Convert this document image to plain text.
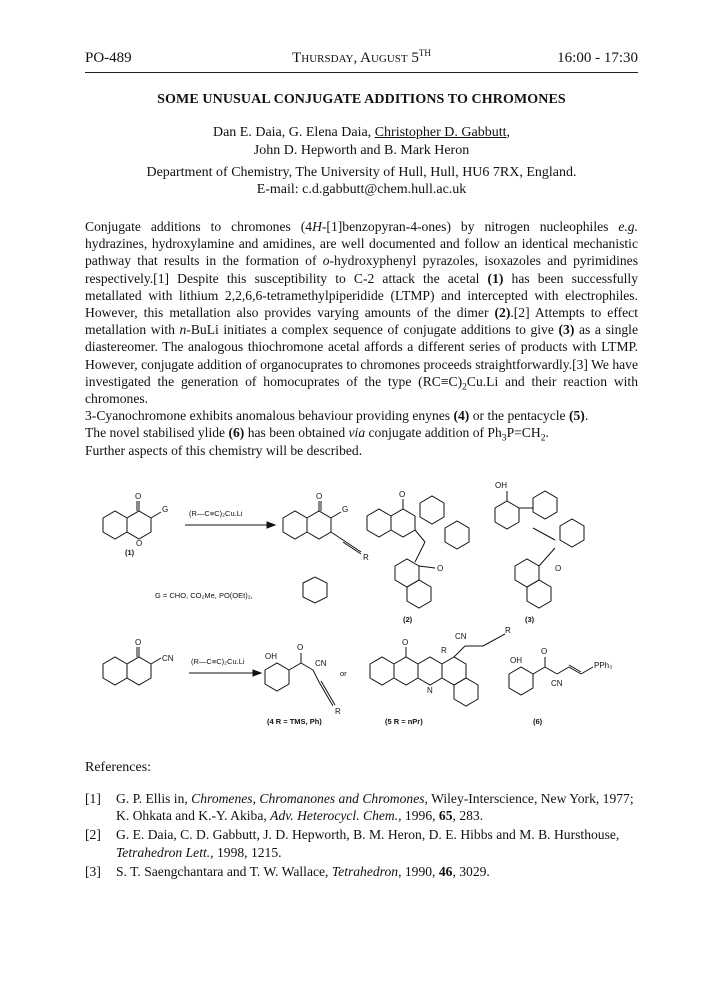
PO-489	Thursday, August 5TH	16:00 - 17:30
SOME UNUSUAL CONJUGATE ADDITIONS TO CHROMONES
Dan E. Daia, G. Elena Daia, Christopher D. Gabbutt,
John D. Hepworth and B. Mark Heron
Department of Chemistry, The University of Hull, Hull, HU6 7RX, England.
E-mail: c.d.gabbutt@chem.hull.ac.uk

Conjugate additions to chromones (4H-[1]benzopyran-4-ones) by nitrogen nucleophiles e.g. hydrazines, hydroxylamine and amidines, are well documented and follow an identical mechanistic pathway that results in the formation of o-hydroxyphenyl pyrazoles, isoxazoles and pyrimidines respectively.[1] Despite this susceptibility to C-2 attack the acetal (1) has been successfully metallated with lithium 2,2,6,6-tetramethylpiperidide (LTMP) and intercepted with electrophiles. However, this metallation also provides varying amounts of the dimer (2).[2] Attempts to effect metallation with n-BuLi initiates a complex sequence of conjugate additions to give (3) as a single diastereomer. The analogous thiochromone acetal affords a different series of products with LTMP. However, conjugate addition of organocuprates to chromones proceeds straightforwardly.[3] We have investigated the generation of homocuprates of the type $(RC\equiv C)_2Cu.Li$ and their reaction with chromones.

3-Cyanochromone exhibits anomalous behaviour providing enynes (4) or the pentacycle (5).
The novel stabilised ylide (6) has been obtained via conjugate addition of $Ph_3P=CH_2$.

Further aspects of this chemistry will be described.

O
O
G
(1)
(R—C≡C)₂Cu.Li
O
G
R
G = CHO, CO₂Me, PO(OEt)₂,
O
O
(2)
OH
O
(3)
O
CN (R—C≡C)₂Cu.Li
OH
O
CN
R
or
(4 R = TMS, Ph)
O
N
R
CN
R
(5 R = nPr)
OH
O
CN
PPh₃
(6)
References:
[1] G. P. Ellis in, Chromenes, Chromanones and Chromones, Wiley-Interscience, New York, 1977; K. Ohkata and K.-Y. Akiba, Adv. Heterocycl. Chem., 1996, 65, 283.
[2] G. E. Daia, C. D. Gabbutt, J. D. Hepworth, B. M. Heron, D. E. Hibbs and M. B. Hursthouse, Tetrahedron Lett., 1998, 1215.
[3] S. T. Saengchantara and T. W. Wallace, Tetrahedron, 1990, 46, 3029.
